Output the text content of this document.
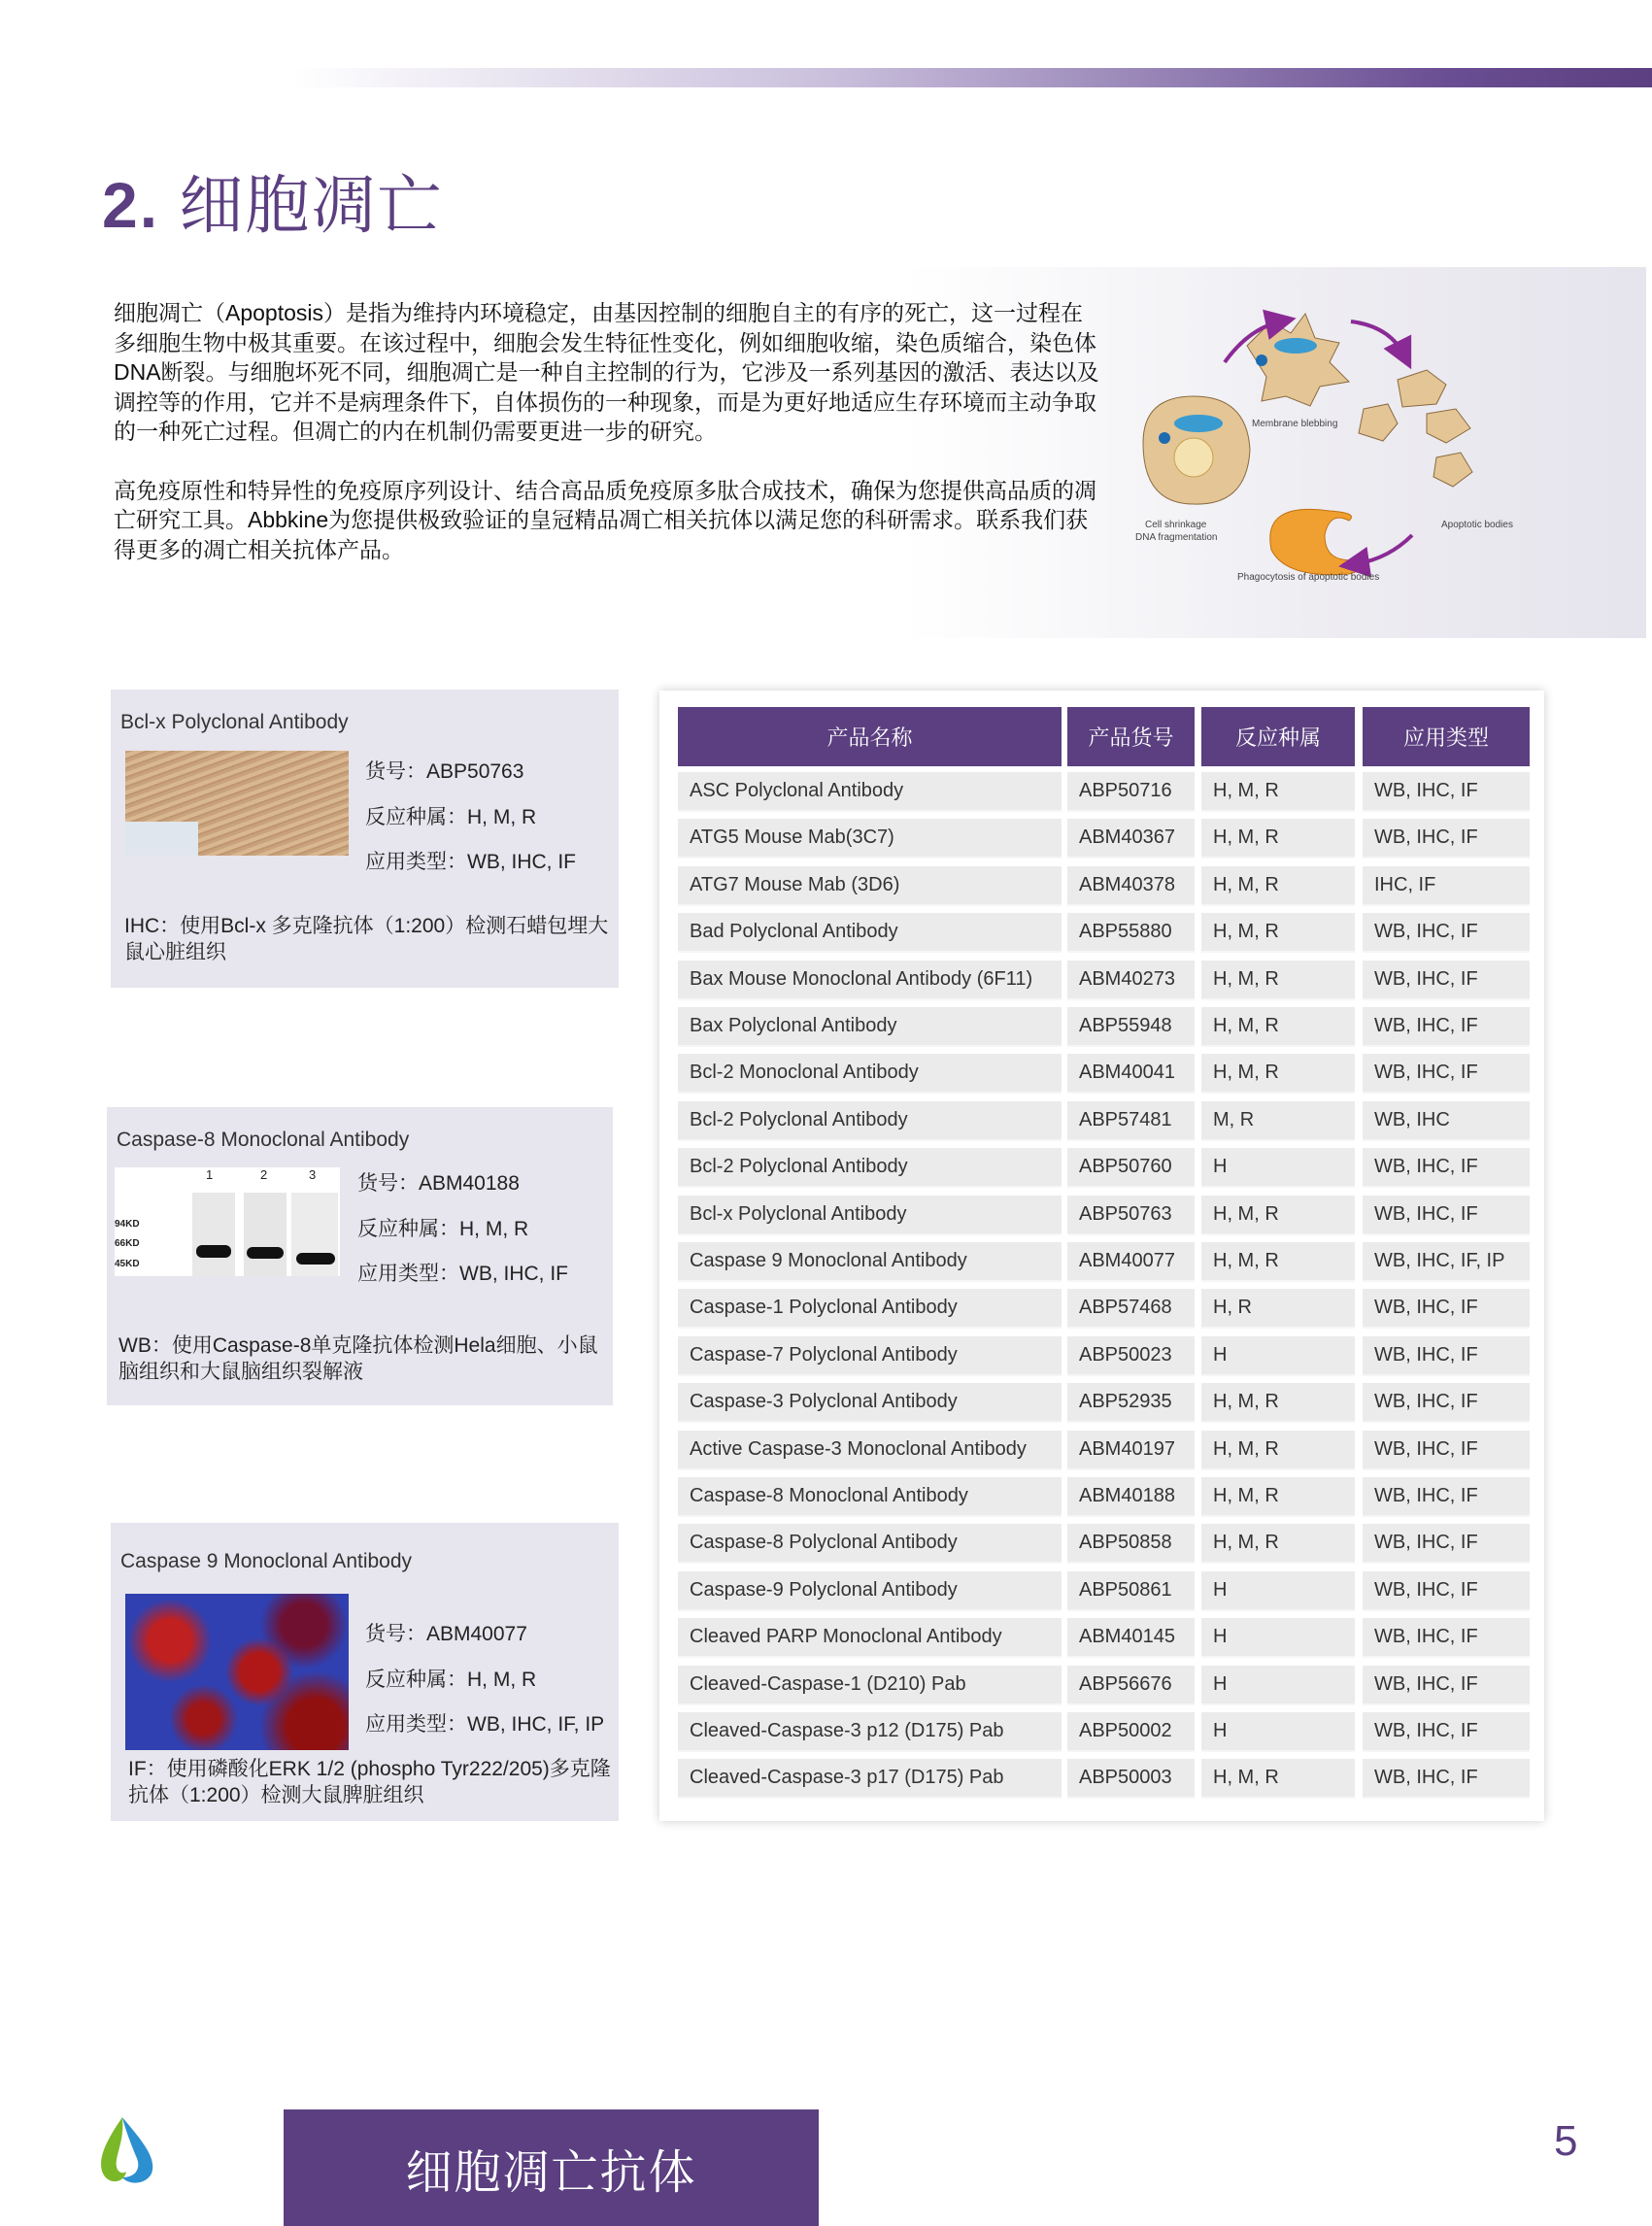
2. 细胞凋亡

细胞凋亡（Apoptosis）是指为维持内环境稳定，由基因控制的细胞自主的有序的死亡，这一过程在多细胞生物中极其重要。在该过程中，细胞会发生特征性变化，例如细胞收缩，染色质缩合，染色体DNA断裂。与细胞坏死不同，细胞凋亡是一种自主控制的行为，它涉及一系列基因的激活、表达以及调控等的作用，它并不是病理条件下，自体损伤的一种现象，而是为更好地适应生存环境而主动争取的一种死亡过程。但凋亡的内在机制仍需要更进一步的研究。

高免疫原性和特异性的免疫原序列设计、结合高品质免疫原多肽合成技术，确保为您提供高品质的凋亡研究工具。Abbkine为您提供极致验证的皇冠精品凋亡相关抗体以满足您的科研需求。联系我们获得更多的凋亡相关抗体产品。

Cell shrinkage
DNA fragmentation
Membrane blebbing
Apoptotic bodies
Phagocytosis of apoptotic bodies
Bcl-x Polyclonal Antibody
货号：ABP50763
反应种属：H, M, R
应用类型：WB, IHC, IF
IHC：使用Bcl-x 多克隆抗体（1:200）检测石蜡包埋大鼠心脏组织
Caspase-8 Monoclonal Antibody
1	2	3
94KD
66KD
45KD
货号：ABM40188
反应种属：H, M, R
应用类型：WB, IHC, IF
WB：使用Caspase-8单克隆抗体检测Hela细胞、小鼠脑组织和大鼠脑组织裂解液
Caspase 9 Monoclonal Antibody
货号：ABM40077
反应种属：H, M, R
应用类型：WB, IHC, IF, IP
IF：使用磷酸化ERK 1/2 (phospho Tyr222/205)多克隆抗体（1:200）检测大鼠脾脏组织
产品名称	产品货号	反应种属	应用类型
ASC Polyclonal Antibody	ABP50716	H, M, R	WB, IHC, IF
ATG5 Mouse Mab(3C7)	ABM40367	H, M, R	WB, IHC, IF
ATG7 Mouse Mab (3D6)	ABM40378	H, M, R	IHC, IF
Bad Polyclonal Antibody	ABP55880	H, M, R	WB, IHC, IF
Bax Mouse Monoclonal Antibody (6F11)	ABM40273	H, M, R	WB, IHC, IF
Bax Polyclonal Antibody	ABP55948	H, M, R	WB, IHC, IF
Bcl-2 Monoclonal Antibody	ABM40041	H, M, R	WB, IHC, IF
Bcl-2 Polyclonal Antibody	ABP57481	M, R	WB, IHC
Bcl-2 Polyclonal Antibody	ABP50760	H	WB, IHC, IF
Bcl-x Polyclonal Antibody	ABP50763	H, M, R	WB, IHC, IF
Caspase 9 Monoclonal Antibody	ABM40077	H, M, R	WB, IHC, IF, IP
Caspase-1 Polyclonal Antibody	ABP57468	H, R	WB, IHC, IF
Caspase-7 Polyclonal Antibody	ABP50023	H	WB, IHC, IF
Caspase-3 Polyclonal Antibody	ABP52935	H, M, R	WB, IHC, IF
Active Caspase-3 Monoclonal Antibody	ABM40197	H, M, R	WB, IHC, IF
Caspase-8 Monoclonal Antibody	ABM40188	H, M, R	WB, IHC, IF
Caspase-8 Polyclonal Antibody	ABP50858	H, M, R	WB, IHC, IF
Caspase-9 Polyclonal Antibody	ABP50861	H	WB, IHC, IF
Cleaved PARP Monoclonal Antibody	ABM40145	H	WB, IHC, IF
Cleaved-Caspase-1 (D210) Pab	ABP56676	H	WB, IHC, IF
Cleaved-Caspase-3 p12 (D175) Pab	ABP50002	H	WB, IHC, IF
Cleaved-Caspase-3 p17 (D175) Pab	ABP50003	H, M, R	WB, IHC, IF
细胞凋亡抗体
5
